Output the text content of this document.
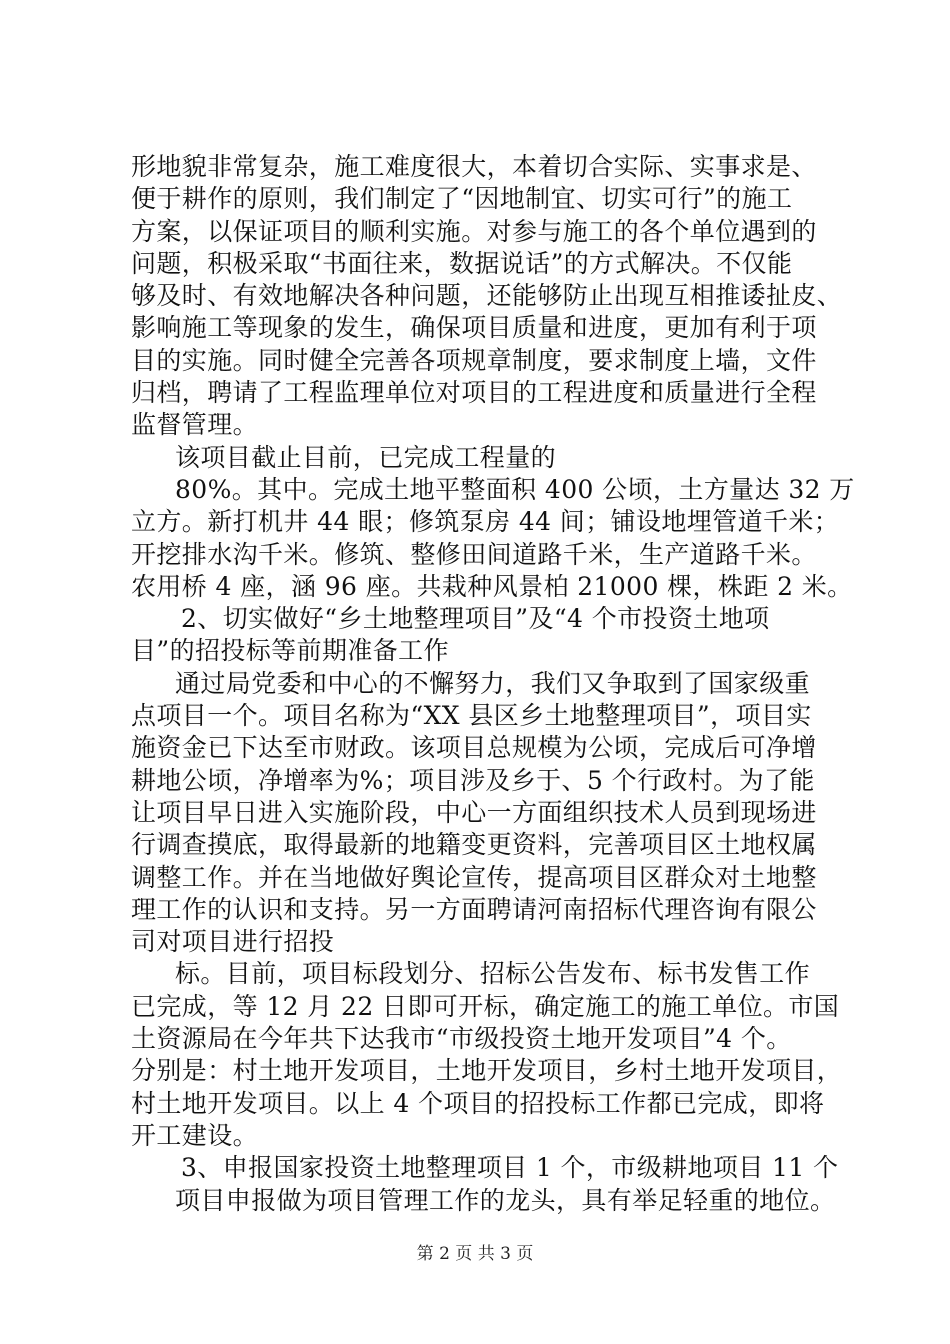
形地貌非常复杂，施工难度很大，本着切合实际、实事求是、
便于耕作的原则，我们制定了“因地制宜、切实可行”的施工
方案，以保证项目的顺利实施。对参与施工的各个单位遇到的
问题，积极采取“书面往来，数据说话”的方式解决。不仅能
够及时、有效地解决各种问题，还能够防止出现互相推诿扯皮、
影响施工等现象的发生，确保项目质量和进度，更加有利于项
目的实施。同时健全完善各项规章制度，要求制度上墙，文件
归档，聘请了工程监理单位对项目的工程进度和质量进行全程
监督管理。
该项目截止目前，已完成工程量的
80%。其中。完成土地平整面积 400 公顷，土方量达 32 万
立方。新打机井 44 眼；修筑泵房 44 间；铺设地埋管道千米；
开挖排水沟千米。修筑、整修田间道路千米，生产道路千米。
农用桥 4 座，涵 96 座。共栽种风景柏 21000 棵，株距 2 米。
2、切实做好“乡土地整理项目”及“4 个市投资土地项
目”的招投标等前期准备工作
通过局党委和中心的不懈努力，我们又争取到了国家级重
点项目一个。项目名称为“XX 县区乡土地整理项目”，项目实
施资金已下达至市财政。该项目总规模为公顷，完成后可净增
耕地公顷，净增率为%；项目涉及乡于、5 个行政村。为了能
让项目早日进入实施阶段，中心一方面组织技术人员到现场进
行调查摸底，取得最新的地籍变更资料，完善项目区土地权属
调整工作。并在当地做好舆论宣传，提高项目区群众对土地整
理工作的认识和支持。另一方面聘请河南招标代理咨询有限公
司对项目进行招投
标。目前，项目标段划分、招标公告发布、标书发售工作
已完成，等 12 月 22 日即可开标，确定施工的施工单位。市国
土资源局在今年共下达我市“市级投资土地开发项目”4 个。
分别是：村土地开发项目，土地开发项目，乡村土地开发项目，
村土地开发项目。以上 4 个项目的招投标工作都已完成，即将
开工建设。
3、申报国家投资土地整理项目 1 个，市级耕地项目 11 个
项目申报做为项目管理工作的龙头，具有举足轻重的地位。
第 2 页 共 3 页
